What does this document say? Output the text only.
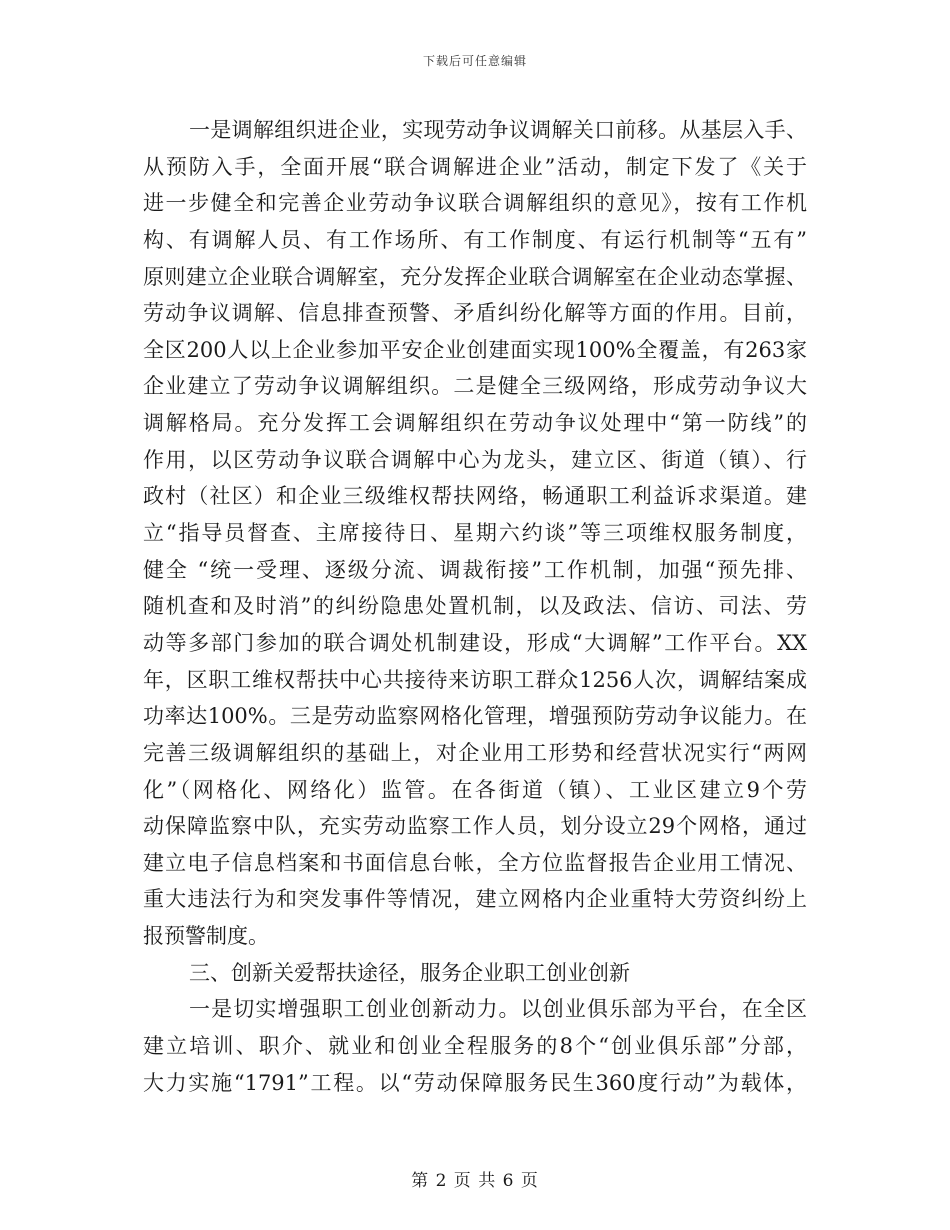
下载后可任意编辑
一是调解组织进企业，实现劳动争议调解关口前移。从基层入手、
从预防入手，全面开展“联合调解进企业”活动，制定下发了《关于
进一步健全和完善企业劳动争议联合调解组织的意见》，按有工作机
构、有调解人员、有工作场所、有工作制度、有运行机制等“五有”
原则建立企业联合调解室，充分发挥企业联合调解室在企业动态掌握、
劳动争议调解、信息排查预警、矛盾纠纷化解等方面的作用。目前，
全区200人以上企业参加平安企业创建面实现100%全覆盖，有263家
企业建立了劳动争议调解组织。二是健全三级网络，形成劳动争议大
调解格局。充分发挥工会调解组织在劳动争议处理中“第一防线”的
作用，以区劳动争议联合调解中心为龙头，建立区、街道（镇）、行
政村（社区）和企业三级维权帮扶网络，畅通职工利益诉求渠道。建
立“指导员督查、主席接待日、星期六约谈”等三项维权服务制度，
健全 “统一受理、逐级分流、调裁衔接”工作机制，加强“预先排、
随机查和及时消”的纠纷隐患处置机制，以及政法、信访、司法、劳
动等多部门参加的联合调处机制建设，形成“大调解”工作平台。XX
年，区职工维权帮扶中心共接待来访职工群众1256人次，调解结案成
功率达100%。三是劳动监察网格化管理，增强预防劳动争议能力。在
完善三级调解组织的基础上，对企业用工形势和经营状况实行“两网
化”（网格化、网络化）监管。在各街道（镇）、工业区建立9个劳
动保障监察中队，充实劳动监察工作人员，划分设立29个网格，通过
建立电子信息档案和书面信息台帐，全方位监督报告企业用工情况、
重大违法行为和突发事件等情况，建立网格内企业重特大劳资纠纷上
报预警制度。
三、创新关爱帮扶途径，服务企业职工创业创新
一是切实增强职工创业创新动力。以创业俱乐部为平台，在全区
建立培训、职介、就业和创业全程服务的8个“创业俱乐部”分部，
大力实施“1791”工程。以“劳动保障服务民生360度行动”为载体，
第 2 页 共 6 页
